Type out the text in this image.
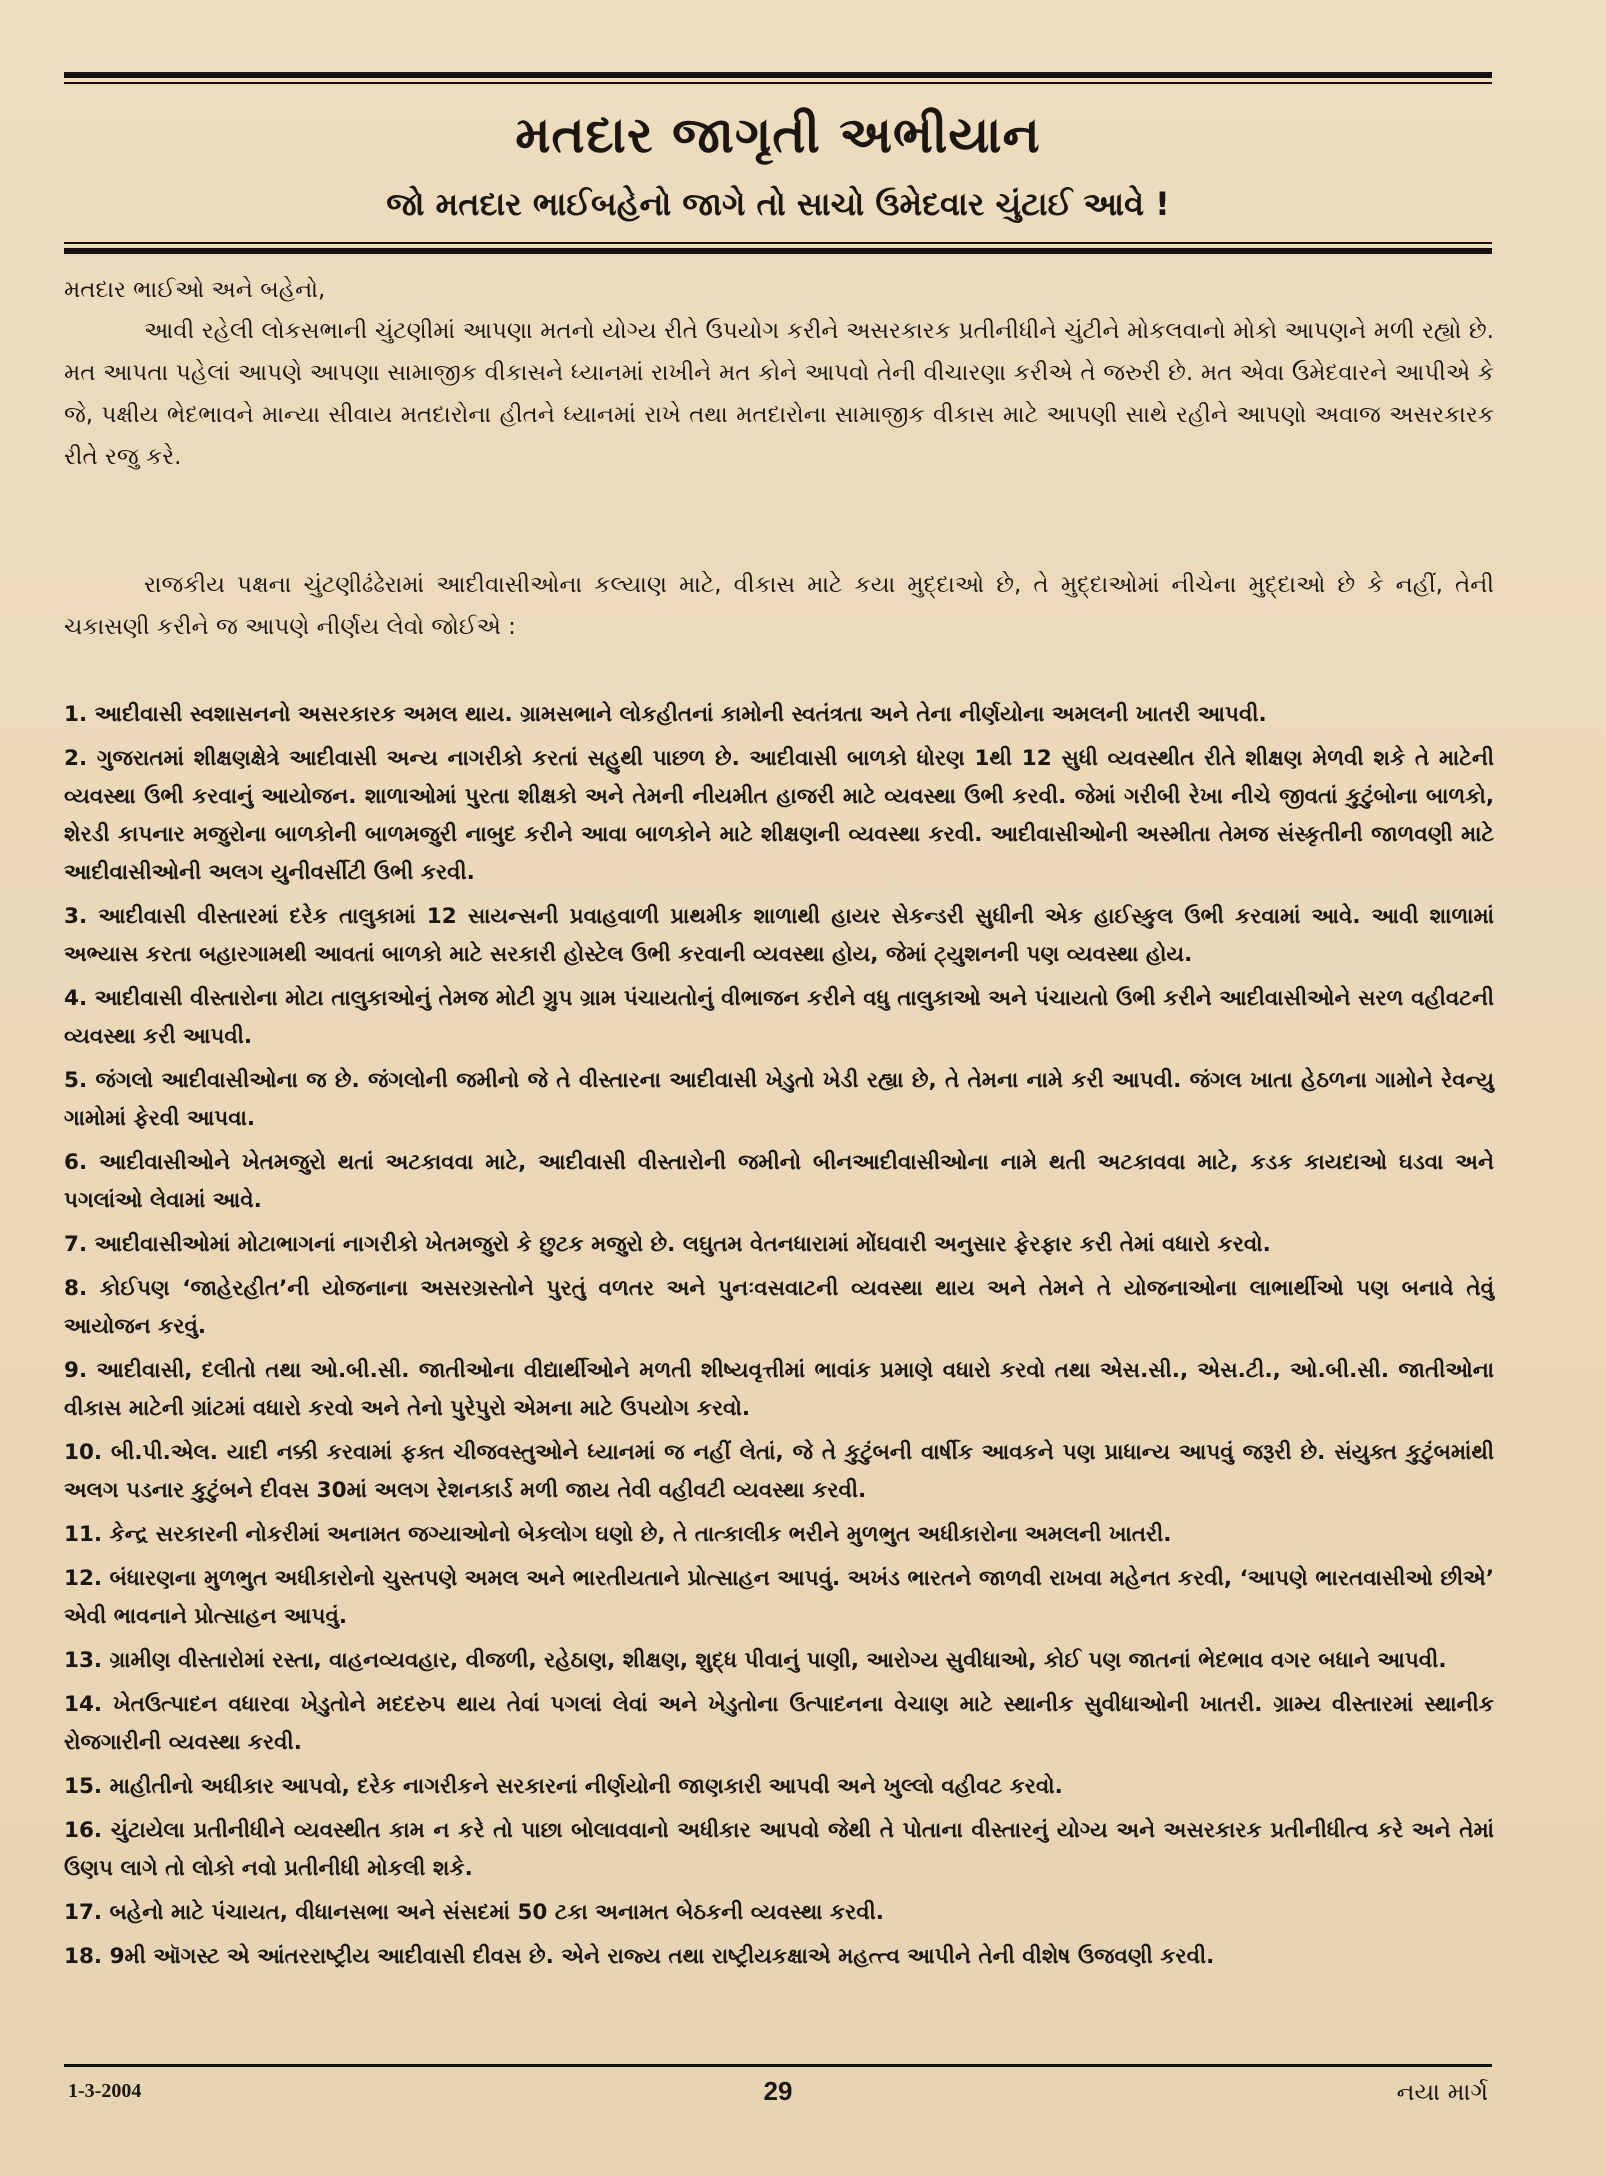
મતદાર જાગૃતી અભીયાન
જો મતદાર ભાઈબહેનો જાગે તો સાચો ઉમેદવાર ચુંટાઈ આવે !

મતદાર ભાઈઓ અને બહેનો,

આવી રહેલી લોકસભાની ચુંટણીમાં આપણા મતનો યોગ્ય રીતે ઉપયોગ કરીને અસરકારક પ્રતીનીધીને ચુંટીને મોકલવાનો મોકો આપણને મળી રહ્યો છે. મત આપતા પહેલાં આપણે આપણા સામાજીક વીકાસને ધ્યાનમાં રાખીને મત કોને આપવો તેની વીચારણા કરીએ તે જરુરી છે. મત એવા ઉમેદવારને આપીએ કે જે, પક્ષીય ભેદભાવને માન્યા સીવાય મતદારોના હીતને ધ્યાનમાં રાખે તથા મતદારોના સામાજીક વીકાસ માટે આપણી સાથે રહીને આપણો અવાજ અસરકારક રીતે રજુ કરે.

રાજકીય પક્ષના ચુંટણીઢંઢેરામાં આદીવાસીઓના કલ્યાણ માટે, વીકાસ માટે કયા મુદ્દાઓ છે, તે મુદ્દાઓમાં નીચેના મુદ્દાઓ છે કે નહીં, તેની ચકાસણી કરીને જ આપણે નીર્ણય લેવો જોઈએ :

1. આદીવાસી સ્વશાસનનો અસરકારક અમલ થાય. ગ્રામસભાને લોકહીતનાં કામોની સ્વતંત્રતા અને તેના નીર્ણયોના અમલની ખાતરી આપવી.
2. ગુજરાતમાં શીક્ષણક્ષેત્રે આદીવાસી અન્ય નાગરીકો કરતાં સહુથી પાછળ છે. આદીવાસી બાળકો ધોરણ 1થી 12 સુધી વ્યવસ્થીત રીતે શીક્ષણ મેળવી શકે તે માટેની વ્યવસ્થા ઉભી કરવાનું આયોજન. શાળાઓમાં પુરતા શીક્ષકો અને તેમની નીયમીત હાજરી માટે વ્યવસ્થા ઉભી કરવી. જેમાં ગરીબી રેખા નીચે જીવતાં કુટુંબોના બાળકો, શેરડી કાપનાર મજુરોના બાળકોની બાળમજુરી નાબુદ કરીને આવા બાળકોને માટે શીક્ષણની વ્યવસ્થા કરવી. આદીવાસીઓની અસ્મીતા તેમજ સંસ્કૃતીની જાળવણી માટે આદીવાસીઓની અલગ યુનીવર્સીટી ઉભી કરવી.
3. આદીવાસી વીસ્તારમાં દરેક તાલુકામાં 12 સાયન્સની પ્રવાહવાળી પ્રાથમીક શાળાથી હાયર સેકન્ડરી સુધીની એક હાઈસ્કુલ ઉભી કરવામાં આવે. આવી શાળામાં અભ્યાસ કરતા બહારગામથી આવતાં બાળકો માટે સરકારી હોસ્ટેલ ઉભી કરવાની વ્યવસ્થા હોય, જેમાં ટ્યુશનની પણ વ્યવસ્થા હોય.
4. આદીવાસી વીસ્તારોના મોટા તાલુકાઓનું તેમજ મોટી ગ્રુપ ગ્રામ પંચાયતોનું વીભાજન કરીને વધુ તાલુકાઓ અને પંચાયતો ઉભી કરીને આદીવાસીઓને સરળ વહીવટની વ્યવસ્થા કરી આપવી.
5. જંગલો આદીવાસીઓના જ છે. જંગલોની જમીનો જે તે વીસ્તારના આદીવાસી ખેડુતો ખેડી રહ્યા છે, તે તેમના નામે કરી આપવી. જંગલ ખાતા હેઠળના ગામોને રેવન્યુ ગામોમાં ફેરવી આપવા.
6. આદીવાસીઓને ખેતમજુરો થતાં અટકાવવા માટે, આદીવાસી વીસ્તારોની જમીનો બીનઆદીવાસીઓના નામે થતી અટકાવવા માટે, કડક કાયદાઓ ઘડવા અને પગલાંઓ લેવામાં આવે.
7. આદીવાસીઓમાં મોટાભાગનાં નાગરીકો ખેતમજુરો કે છુટક મજુરો છે. લઘુતમ વેતનધારામાં મોંઘવારી અનુસાર ફેરફાર કરી તેમાં વધારો કરવો.
8. કોઈપણ ‘જાહેરહીત’ની યોજનાના અસરગ્રસ્તોને પુરતું વળતર અને પુનઃવસવાટની વ્યવસ્થા થાય અને તેમને તે યોજનાઓના લાભાર્થીઓ પણ બનાવે તેવું આયોજન કરવું.
9. આદીવાસી, દલીતો તથા ઓ.બી.સી. જાતીઓના વીદ્યાર્થીઓને મળતી શીષ્યવૃત્તીમાં ભાવાંક પ્રમાણે વધારો કરવો તથા એસ.સી., એસ.ટી., ઓ.બી.સી. જાતીઓના વીકાસ માટેની ગ્રાંટમાં વધારો કરવો અને તેનો પુરેપુરો એમના માટે ઉપયોગ કરવો.
10. બી.પી.એલ. યાદી નક્કી કરવામાં ફક્ત ચીજવસ્તુઓને ધ્યાનમાં જ નહીં લેતાં, જે તે કુટુંબની વાર્ષીક આવકને પણ પ્રાધાન્ય આપવું જરૂરી છે. સંયુક્ત કુટુંબમાંથી અલગ પડનાર કુટુંબને દીવસ 30માં અલગ રેશનકાર્ડ મળી જાય તેવી વહીવટી વ્યવસ્થા કરવી.
11. કેન્દ્ર સરકારની નોકરીમાં અનામત જગ્યાઓનો બેકલોગ ઘણો છે, તે તાત્કાલીક ભરીને મુળભુત અધીકારોના અમલની ખાતરી.
12. બંધારણના મુળભુત અધીકારોનો ચુસ્તપણે અમલ અને ભારતીયતાને પ્રોત્સાહન આપવું. અખંડ ભારતને જાળવી રાખવા મહેનત કરવી, ‘આપણે ભારતવાસીઓ છીએ’ એવી ભાવનાને પ્રોત્સાહન આપવું.
13. ગ્રામીણ વીસ્તારોમાં રસ્તા, વાહનવ્યવહાર, વીજળી, રહેઠાણ, શીક્ષણ, શુદ્ધ પીવાનું પાણી, આરોગ્ય સુવીધાઓ, કોઈ પણ જાતનાં ભેદભાવ વગર બધાને આપવી.
14. ખેતઉત્પાદન વધારવા ખેડુતોને મદદરુપ થાય તેવાં પગલાં લેવાં અને ખેડુતોના ઉત્પાદનના વેચાણ માટે સ્થાનીક સુવીધાઓની ખાતરી. ગ્રામ્ય વીસ્તારમાં સ્થાનીક રોજગારીની વ્યવસ્થા કરવી.
15. માહીતીનો અધીકાર આપવો, દરેક નાગરીકને સરકારનાં નીર્ણયોની જાણકારી આપવી અને ખુલ્લો વહીવટ કરવો.
16. ચુંટાયેલા પ્રતીનીધીને વ્યવસ્થીત કામ ન કરે તો પાછા બોલાવવાનો અધીકાર આપવો જેથી તે પોતાના વીસ્તારનું યોગ્ય અને અસરકારક પ્રતીનીધીત્વ કરે અને તેમાં ઉણપ લાગે તો લોકો નવો પ્રતીનીધી મોકલી શકે.
17. બહેનો માટે પંચાયત, વીધાનસભા અને સંસદમાં 50 ટકા અનામત બેઠકની વ્યવસ્થા કરવી.
18. 9મી ઑગસ્ટ એ આંતરરાષ્ટ્રીય આદીવાસી દીવસ છે. એને રાજ્ય તથા રાષ્ટ્રીયકક્ષાએ મહત્ત્વ આપીને તેની વીશેષ ઉજવણી કરવી.
1-3-2004	29	નયા માર્ગ
